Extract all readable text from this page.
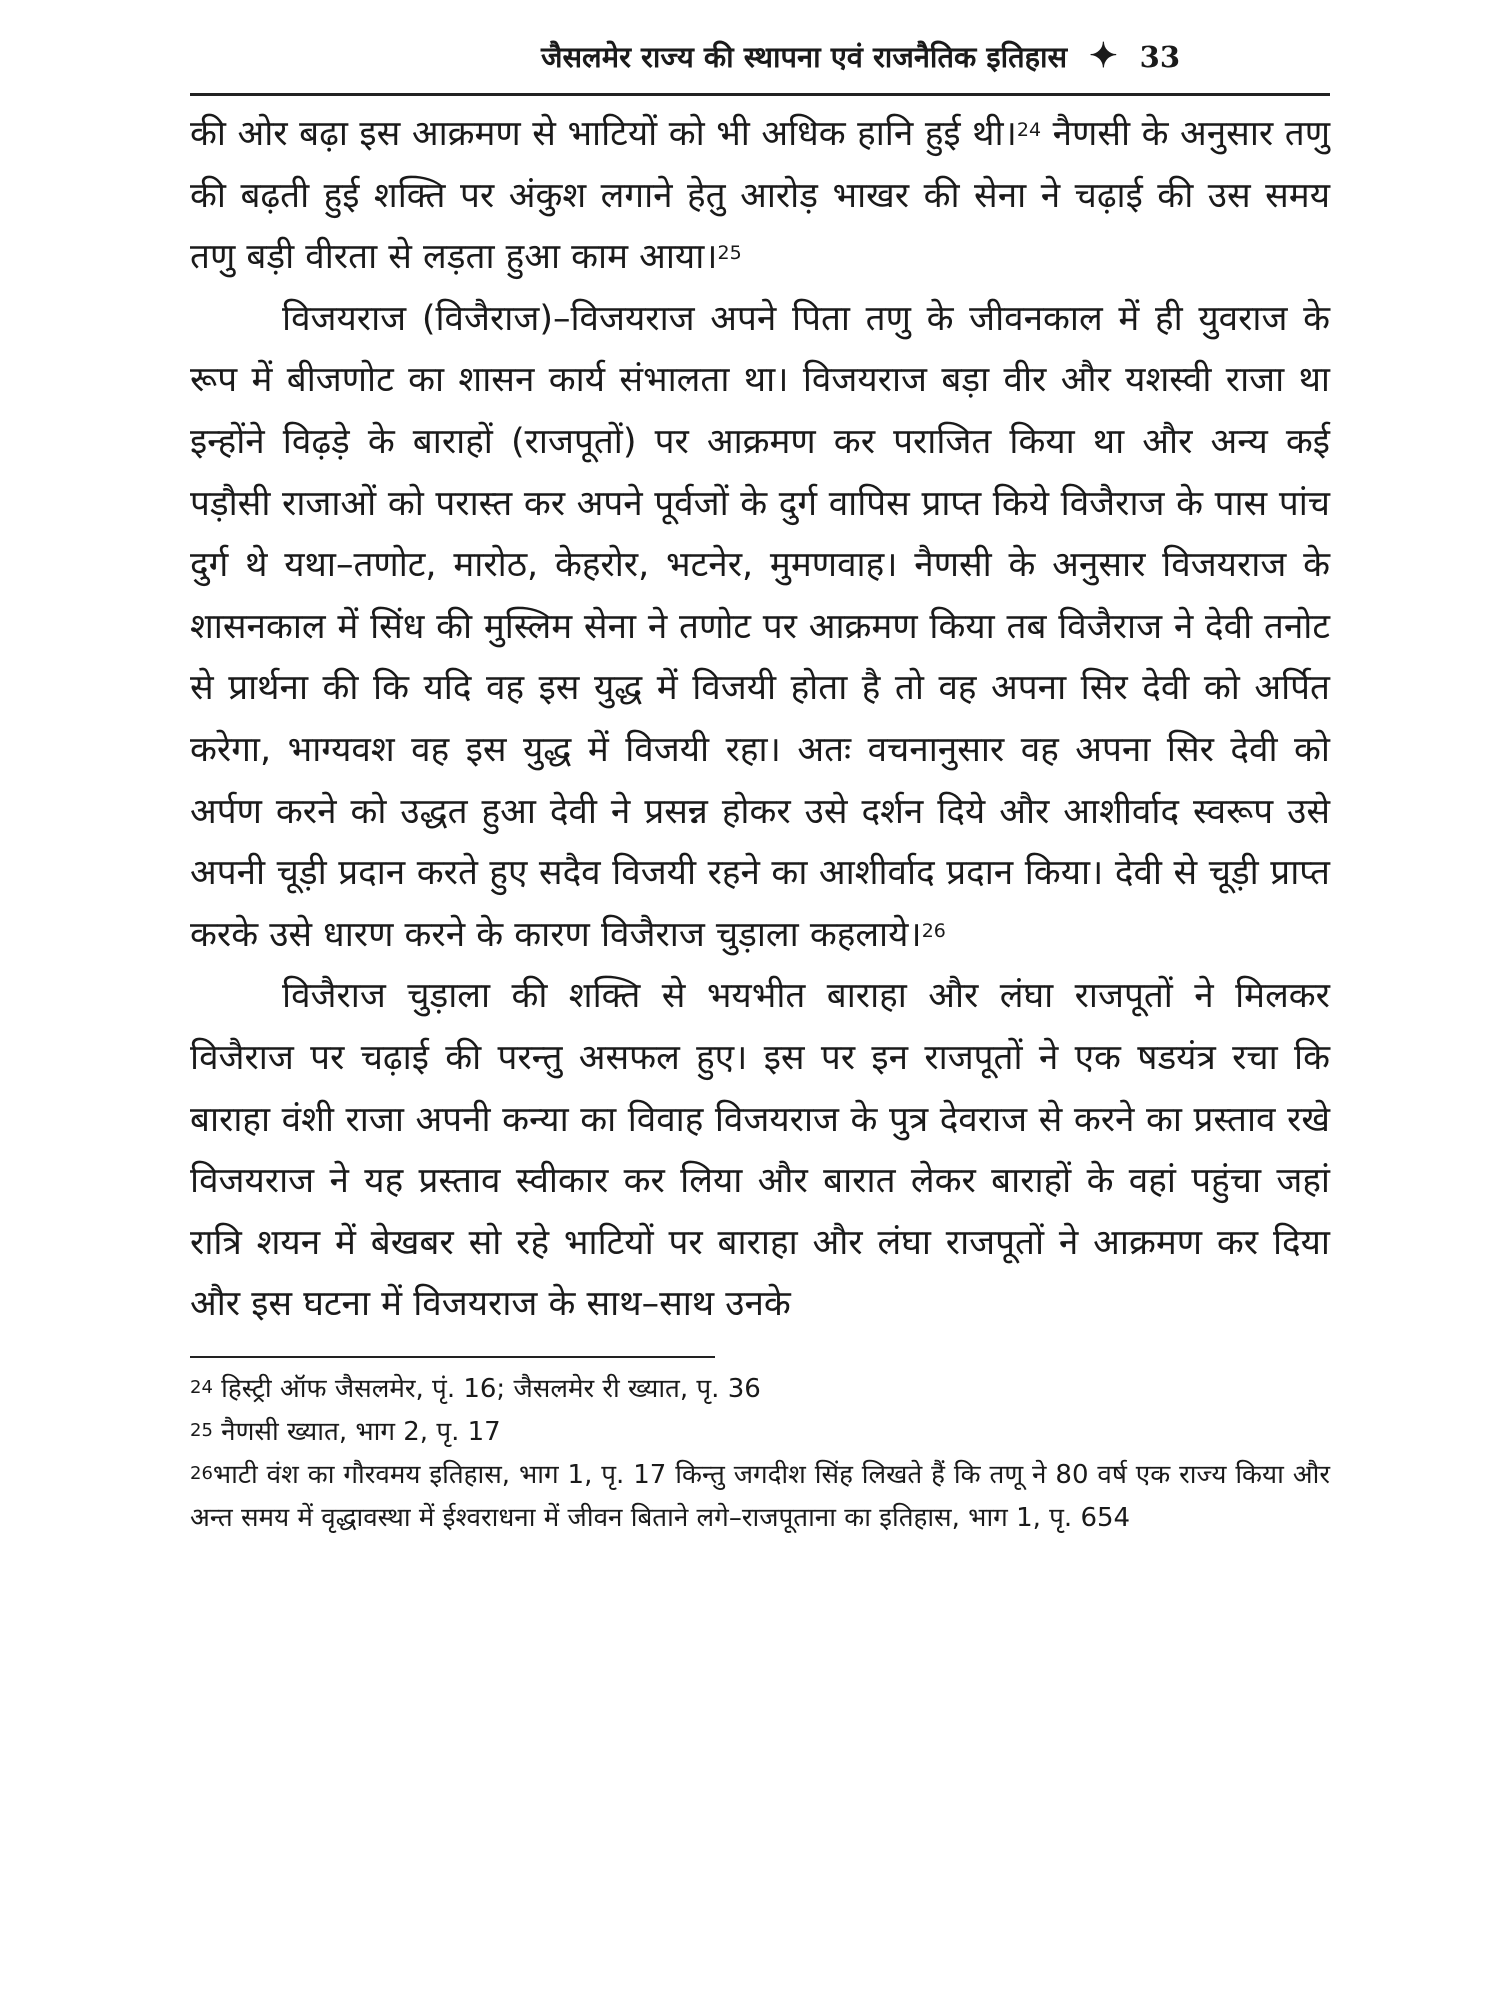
जैसलमेर राज्य की स्थापना एवं राजनैतिक इतिहास ✦ 33

की ओर बढ़ा इस आक्रमण से भाटियों को भी अधिक हानि हुई थी।$^{24}$ नैणसी के अनुसार तणु की बढ़ती हुई शक्ति पर अंकुश लगाने हेतु आरोड़ भाखर की सेना ने चढ़ाई की उस समय तणु बड़ी वीरता से लड़ता हुआ काम आया।$^{25}$

विजयराज (विजैराज)–विजयराज अपने पिता तणु के जीवनकाल में ही युवराज के रूप में बीजणोट का शासन कार्य संभालता था। विजयराज बड़ा वीर और यशस्वी राजा था इन्होंने विढ़ड़े के बाराहों (राजपूतों) पर आक्रमण कर पराजित किया था और अन्य कई पड़ौसी राजाओं को परास्त कर अपने पूर्वजों के दुर्ग वापिस प्राप्त किये विजैराज के पास पांच दुर्ग थे यथा–तणोट, मारोठ, केहरोर, भटनेर, मुमणवाह। नैणसी के अनुसार विजयराज के शासनकाल में सिंध की मुस्लिम सेना ने तणोट पर आक्रमण किया तब विजैराज ने देवी तनोट से प्रार्थना की कि यदि वह इस युद्ध में विजयी होता है तो वह अपना सिर देवी को अर्पित करेगा, भाग्यवश वह इस युद्ध में विजयी रहा। अतः वचनानुसार वह अपना सिर देवी को अर्पण करने को उद्धत हुआ देवी ने प्रसन्न होकर उसे दर्शन दिये और आशीर्वाद स्वरूप उसे अपनी चूड़ी प्रदान करते हुए सदैव विजयी रहने का आशीर्वाद प्रदान किया। देवी से चूड़ी प्राप्त करके उसे धारण करने के कारण विजैराज चुड़ाला कहलाये।$^{26}$

विजैराज चुड़ाला की शक्ति से भयभीत बाराहा और लंघा राजपूतों ने मिलकर विजैराज पर चढ़ाई की परन्तु असफल हुए। इस पर इन राजपूतों ने एक षडयंत्र रचा कि बाराहा वंशी राजा अपनी कन्या का विवाह विजयराज के पुत्र देवराज से करने का प्रस्ताव रखे विजयराज ने यह प्रस्ताव स्वीकार कर लिया और बारात लेकर बाराहों के वहां पहुंचा जहां रात्रि शयन में बेखबर सो रहे भाटियों पर बाराहा और लंघा राजपूतों ने आक्रमण कर दिया और इस घटना में विजयराज के साथ–साथ उनके

$^{24}$ हिस्ट्री ऑफ जैसलमेर, पृं. 16; जैसलमेर री ख्यात, पृ. 36

$^{25}$ नैणसी ख्यात, भाग 2, पृ. 17

$^{26}$भाटी वंश का गौरवमय इतिहास, भाग 1, पृ. 17 किन्तु जगदीश सिंह लिखते हैं कि तणू ने 80 वर्ष एक राज्य किया और अन्त समय में वृद्धावस्था में ईश्वराधना में जीवन बिताने लगे–राजपूताना का इतिहास, भाग 1, पृ. 654
